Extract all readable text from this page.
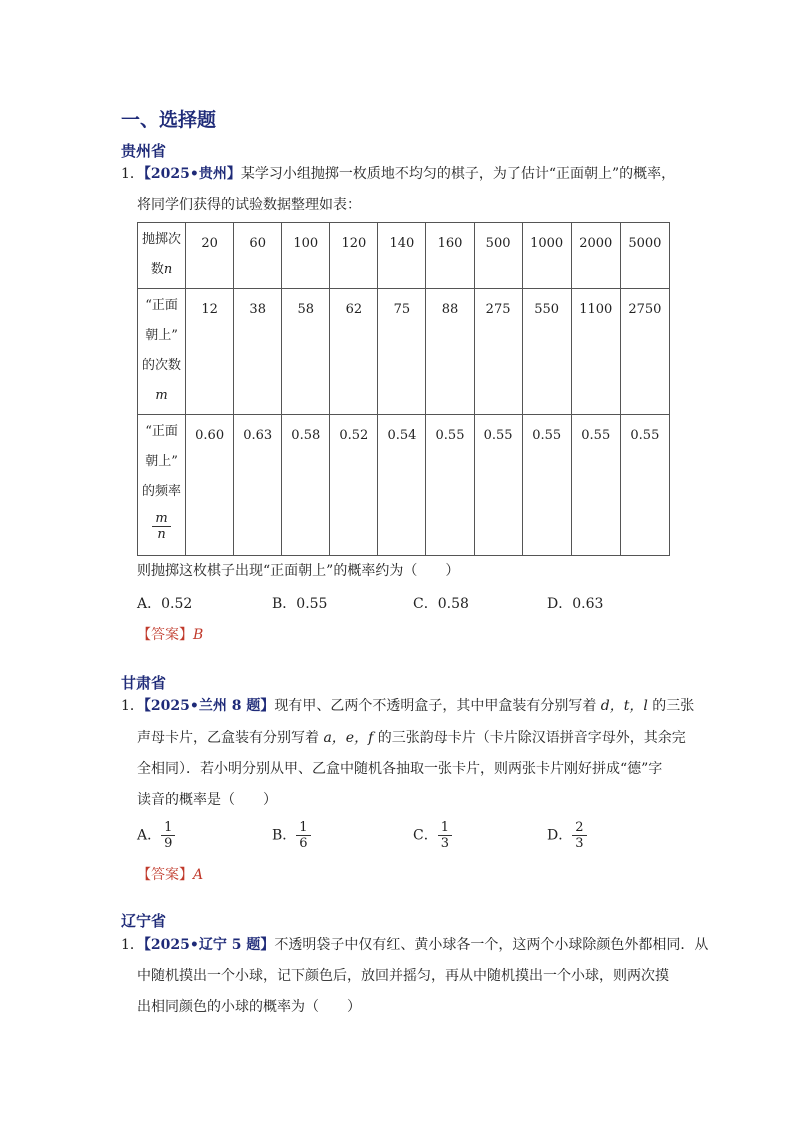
一、选择题
贵州省
1．【2025•贵州】某学习小组抛掷一枚质地不均匀的棋子，为了估计“正面朝上”的概率，
将同学们获得的试验数据整理如表：
抛掷次
数n	20	60	100	120	140	160	500	1000	2000	5000

“正面
朝上”
的次数
m	12	38	58	62	75	88	275	550	1100	2750

“正面
朝上”
的频率
$\frac{m}{n}$	0.60	0.63	0.58	0.52	0.54	0.55	0.55	0.55	0.55	0.55
则抛掷这枚棋子出现“正面朝上”的概率约为（　　）
A．0.52	B．0.55	C．0.58	D．0.63
【答案】B
甘肃省
1．【2025•兰州 8 题】现有甲、乙两个不透明盒子，其中甲盒装有分别写着 d，t，l 的三张
声母卡片，乙盒装有分别写着 a，e，f 的三张韵母卡片（卡片除汉语拼音字母外，其余完
全相同）．若小明分别从甲、乙盒中随机各抽取一张卡片，则两张卡片刚好拼成“德”字
读音的概率是（　　）
A． $\frac{1}{9}$	B． $\frac{1}{6}$	C． $\frac{1}{3}$	D． $\frac{2}{3}$
【答案】A
辽宁省
1．【2025•辽宁 5 题】不透明袋子中仅有红、黄小球各一个，这两个小球除颜色外都相同．从
中随机摸出一个小球，记下颜色后，放回并摇匀，再从中随机摸出一个小球，则两次摸
出相同颜色的小球的概率为（　　）
